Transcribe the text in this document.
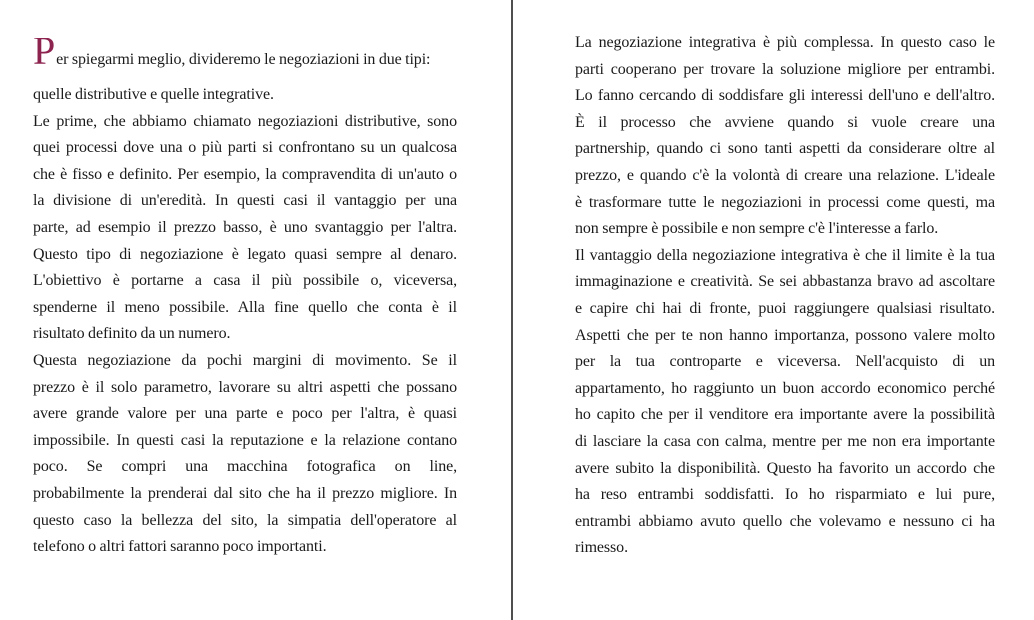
Per spiegarmi meglio, divideremo le negoziazioni in due tipi:
quelle distributive e quelle integrative.
Le prime, che abbiamo chiamato negoziazioni distributive, sono
quei processi dove una o più parti si confrontano su un qualcosa
che è fisso e definito. Per esempio, la compravendita di un'auto o
la divisione di un'eredità. In questi casi il vantaggio per una
parte, ad esempio il prezzo basso, è uno svantaggio per l'altra.
Questo tipo di negoziazione è legato quasi sempre al denaro.
L'obiettivo è portarne a casa il più possibile o, viceversa,
spenderne il meno possibile. Alla fine quello che conta è il
risultato definito da un numero.
Questa negoziazione da pochi margini di movimento. Se il
prezzo è il solo parametro, lavorare su altri aspetti che possano
avere grande valore per una parte e poco per l'altra, è quasi
impossibile. In questi casi la reputazione e la relazione contano
poco. Se compri una macchina fotografica on line,
probabilmente la prenderai dal sito che ha il prezzo migliore. In
questo caso la bellezza del sito, la simpatia dell'operatore al
telefono o altri fattori saranno poco importanti.
La negoziazione integrativa è più complessa. In questo caso le
parti cooperano per trovare la soluzione migliore per entrambi.
Lo fanno cercando di soddisfare gli interessi dell'uno e dell'altro.
È il processo che avviene quando si vuole creare una
partnership, quando ci sono tanti aspetti da considerare oltre al
prezzo, e quando c'è la volontà di creare una relazione. L'ideale
è trasformare tutte le negoziazioni in processi come questi, ma
non sempre è possibile e non sempre c'è l'interesse a farlo.
Il vantaggio della negoziazione integrativa è che il limite è la tua
immaginazione e creatività. Se sei abbastanza bravo ad ascoltare
e capire chi hai di fronte, puoi raggiungere qualsiasi risultato.
Aspetti che per te non hanno importanza, possono valere molto
per la tua controparte e viceversa. Nell'acquisto di un
appartamento, ho raggiunto un buon accordo economico perché
ho capito che per il venditore era importante avere la possibilità
di lasciare la casa con calma, mentre per me non era importante
avere subito la disponibilità. Questo ha favorito un accordo che
ha reso entrambi soddisfatti. Io ho risparmiato e lui pure,
entrambi abbiamo avuto quello che volevamo e nessuno ci ha
rimesso.
